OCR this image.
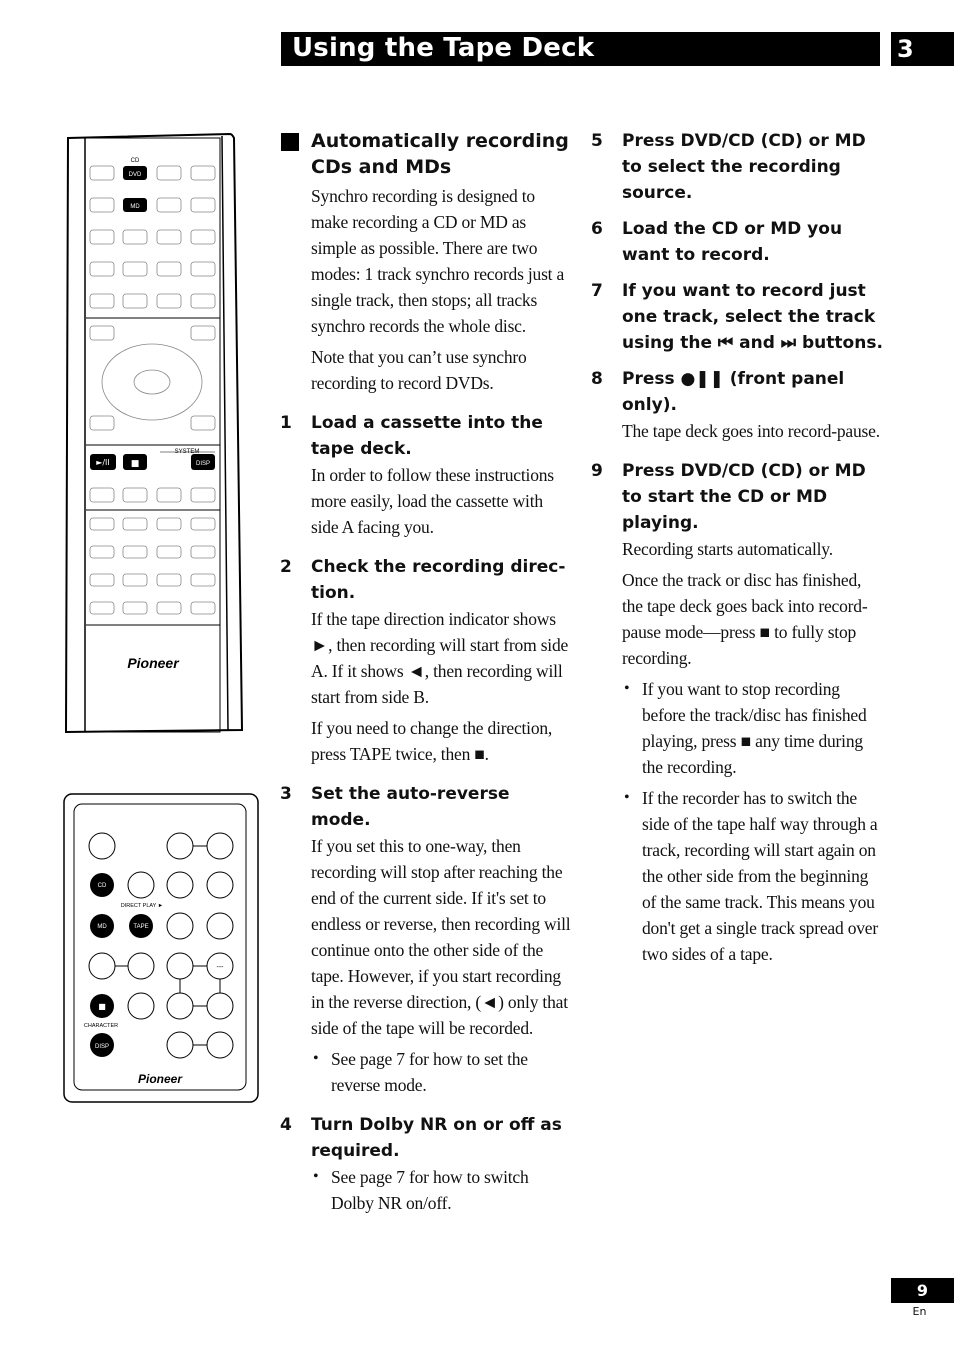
Using the Tape Deck	3
CD
DVD
MD
SYSTEM
►/II ■	DISP
Pioneer
CD
MD	TAPE
DIRECT PLAY ►
■
CHARACTER
DISP
---
Pioneer
Automatically recording
CDs and MDs

Synchro recording is designed to make recording a CD or MD as simple as possible. There are two modes: 1 track synchro records just a single track, then stops; all tracks synchro records the whole disc.

Note that you can’t use synchro recording to record DVDs.

1 Load a cassette into the tape deck.

In order to follow these instructions more easily, load the cassette with side A facing you.

2 Check the recording direc- tion.

If the tape direction indicator shows ►, then recording will start from side A. If it shows ◄, then recording will start from side B.

If you need to change the direction, press TAPE twice, then ■.

3 Set the auto-reverse mode.

If you set this to one-way, then recording will stop after reaching the end of the current side. If it's set to endless or reverse, then recording will continue onto the other side of the tape. However, if you start recording in the reverse direction, (◄) only that side of the tape will be recorded.

• See page 7 for how to set the reverse mode.

4 Turn Dolby NR on or off as required.

• See page 7 for how to switch Dolby NR on/off.

5 Press DVD/CD (CD) or MD to select the recording source.

6 Load the CD or MD you want to record.

7 If you want to record just one track, select the track using the ⏮ and ⏭ buttons.

8 Press ●❚❚ (front panel only).

The tape deck goes into record-pause.

9 Press DVD/CD (CD) or MD to start the CD or MD playing.

Recording starts automatically.

Once the track or disc has finished, the tape deck goes back into record-pause mode—press ■ to fully stop recording.

• If you want to stop recording before the track/disc has finished playing, press ■ any time during the recording.

• If the recorder has to switch the side of the tape half way through a track, recording will start again on the other side from the beginning of the same track. This means you don't get a single track spread over two sides of a tape.

9
En
